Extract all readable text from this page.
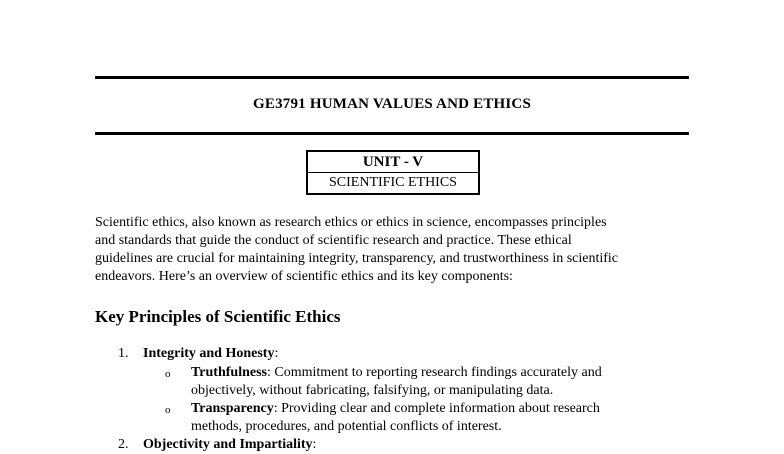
GE3791 HUMAN VALUES AND ETHICS
UNIT - V
SCIENTIFIC ETHICS
Scientific ethics, also known as research ethics or ethics in science, encompasses principles
and standards that guide the conduct of scientific research and practice. These ethical
guidelines are crucial for maintaining integrity, transparency, and trustworthiness in scientific
endeavors. Here’s an overview of scientific ethics and its key components:
Key Principles of Scientific Ethics
1. Integrity and Honesty:
o Truthfulness: Commitment to reporting research findings accurately and
objectively, without fabricating, falsifying, or manipulating data.
o Transparency: Providing clear and complete information about research
methods, procedures, and potential conflicts of interest.
2. Objectivity and Impartiality:
